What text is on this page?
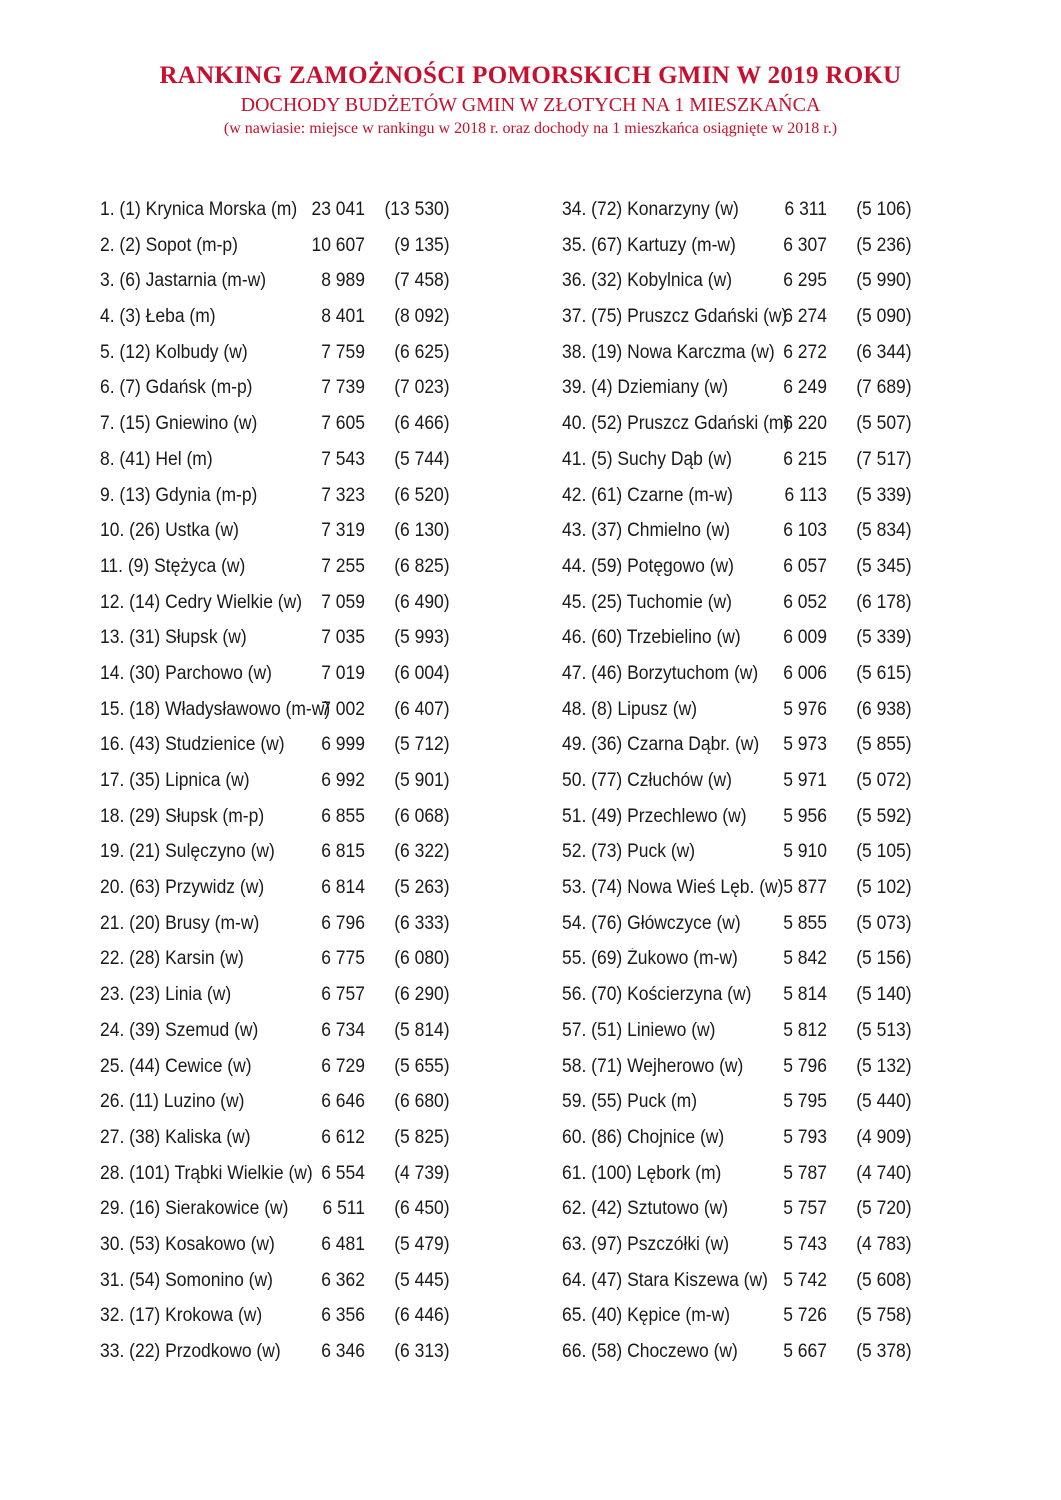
RANKING ZAMOŻNOŚCI POMORSKICH GMIN W 2019 ROKU
DOCHODY BUDŻETÓW GMIN W ZŁOTYCH NA 1 MIESZKAŃCA
(w nawiasie: miejsce w rankingu w 2018 r. oraz dochody na 1 mieszkańca osiągnięte w 2018 r.)
1. (1) Krynica Morska (m) 23 041 (13 530)
2. (2) Sopot (m-p)	10 607 (9 135)
3. (6) Jastarnia (m-w)	8 989 (7 458)
4. (3) Łeba (m)	8 401 (8 092)
5. (12) Kolbudy (w)	7 759 (6 625)
6. (7) Gdańsk (m-p)	7 739 (7 023)
7. (15) Gniewino (w)	7 605 (6 466)
8. (41) Hel (m)	7 543 (5 744)
9. (13) Gdynia (m-p)	7 323 (6 520)
10. (26) Ustka (w)	7 319 (6 130)
11. (9) Stężyca (w)	7 255 (6 825)
12. (14) Cedry Wielkie (w) 7 059 (6 490)
13. (31) Słupsk (w)	7 035 (5 993)
14. (30) Parchowo (w)	7 019 (6 004)
15. (18) Władysławowo (m-w)
7 002 (6 407)
16. (43) Studzienice (w) 6 999 (5 712)
17. (35) Lipnica (w)	6 992 (5 901)
18. (29) Słupsk (m-p)	6 855 (6 068)
19. (21) Sulęczyno (w) 6 815 (6 322)
20. (63) Przywidz (w)	6 814 (5 263)
21. (20) Brusy (m-w)	6 796 (6 333)
22. (28) Karsin (w)	6 775 (6 080)
23. (23) Linia (w)	6 757 (6 290)
24. (39) Szemud (w)	6 734 (5 814)
25. (44) Cewice (w)	6 729 (5 655)
26. (11) Luzino (w)	6 646 (6 680)
27. (38) Kaliska (w)	6 612 (5 825)
28. (101) Trąbki Wielkie (w) 6 554 (4 739)
29. (16) Sierakowice (w) 6 511 (6 450)
30. (53) Kosakowo (w) 6 481 (5 479)
31. (54) Somonino (w)	6 362 (5 445)
32. (17) Krokowa (w)	6 356 (6 446)
33. (22) Przodkowo (w) 6 346 (6 313)
34. (72) Konarzyny (w) 6 311 (5 106)
35. (67) Kartuzy (m-w) 6 307 (5 236)
36. (32) Kobylnica (w)	6 295 (5 990)
37. (75) Pruszcz Gdański (w)
6 274 (5 090)
38. (19) Nowa Karczma (w) 6 272 (6 344)
39. (4) Dziemiany (w)	6 249 (7 689)
40. (52) Pruszcz Gdański (m)
6 220 (5 507)
41. (5) Suchy Dąb (w)	6 215 (7 517)
42. (61) Czarne (m-w)	6 113 (5 339)
43. (37) Chmielno (w)	6 103 (5 834)
44. (59) Potęgowo (w)	6 057 (5 345)
45. (25) Tuchomie (w)	6 052 (6 178)
46. (60) Trzebielino (w) 6 009 (5 339)
47. (46) Borzytuchom (w) 6 006 (5 615)
48. (8) Lipusz (w)	5 976 (6 938)
49. (36) Czarna Dąbr. (w) 5 973 (5 855)
50. (77) Człuchów (w)	5 971 (5 072)
51. (49) Przechlewo (w) 5 956 (5 592)
52. (73) Puck (w)	5 910 (5 105)
53. (74) Nowa Wieś Lęb. (w) 5 877 (5 102)
54. (76) Główczyce (w) 5 855 (5 073)
55. (69) Żukowo (m-w) 5 842 (5 156)
56. (70) Kościerzyna (w) 5 814 (5 140)
57. (51) Liniewo (w)	5 812 (5 513)
58. (71) Wejherowo (w) 5 796 (5 132)
59. (55) Puck (m)	5 795 (5 440)
60. (86) Chojnice (w)	5 793 (4 909)
61. (100) Lębork (m)	5 787 (4 740)
62. (42) Sztutowo (w)	5 757 (5 720)
63. (97) Pszczółki (w)	5 743 (4 783)
64. (47) Stara Kiszewa (w) 5 742 (5 608)
65. (40) Kępice (m-w)	5 726 (5 758)
66. (58) Choczewo (w) 5 667 (5 378)
